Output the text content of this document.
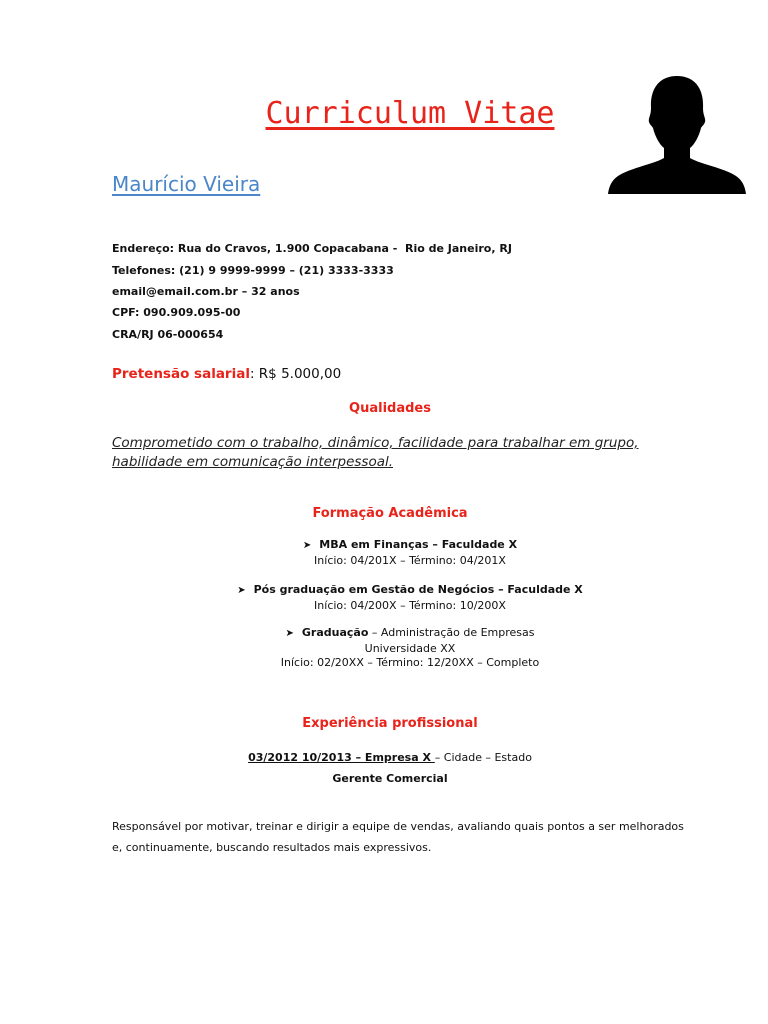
Curriculum Vitae
Maurício Vieira
Endereço: Rua do Cravos, 1.900 Copacabana -  Rio de Janeiro, RJ
Telefones: (21) 9 9999-9999 – (21) 3333-3333
email@email.com.br – 32 anos
CPF: 090.909.095-00
CRA/RJ 06-000654
Pretensão salarial: R$ 5.000,00
Qualidades
Comprometido com o trabalho, dinâmico, facilidade para trabalhar em grupo, habilidade em comunicação interpessoal.
Formação Acadêmica
➤ MBA em Finanças – Faculdade X
Início: 04/201X – Término: 04/201X
➤ Pós graduação em Gestão de Negócios – Faculdade X
Início: 04/200X – Término: 10/200X
➤ Graduação – Administração de Empresas
Universidade XX
Início: 02/20XX – Término: 12/20XX – Completo
Experiência profissional
03/2012 10/2013 – Empresa X – Cidade – Estado
Gerente Comercial
Responsável por motivar, treinar e dirigir a equipe de vendas, avaliando quais pontos a ser melhorados e, continuamente, buscando resultados mais expressivos.
